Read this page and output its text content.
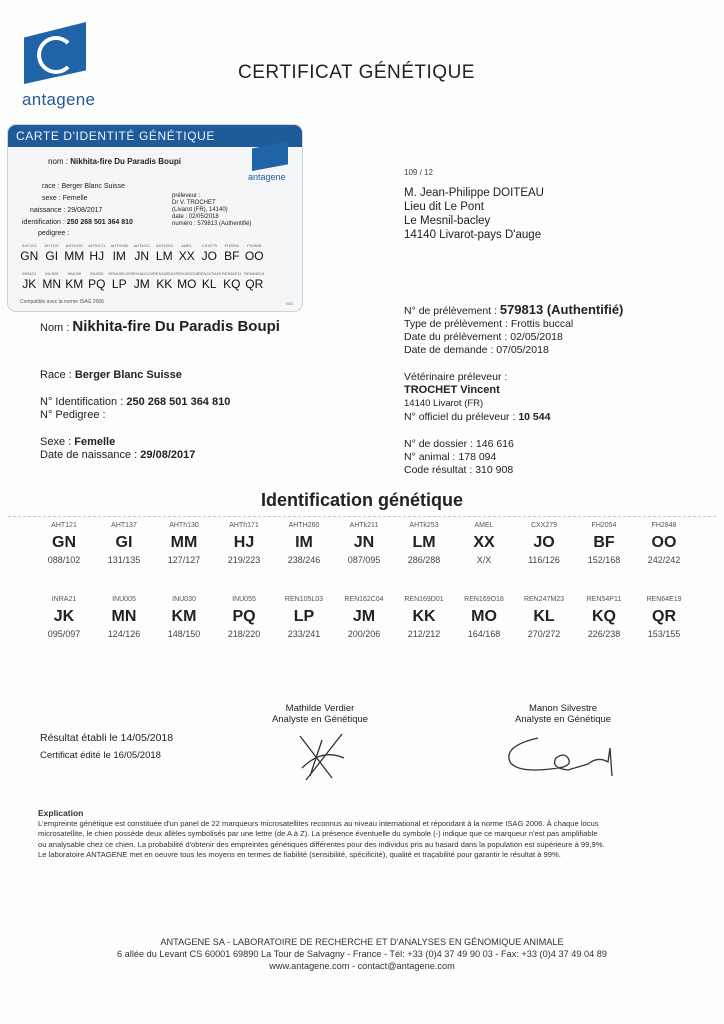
antagene
CERTIFICAT GÉNÉTIQUE
CARTE D'IDENTITÉ GÉNÉTIQUE
antagene
nom : Nikhita-fire Du Paradis Boupi
race : Berger Blanc Suisse
sexe : Femelle
naissance : 29/08/2017
identification : 250 268 501 364 810
pedigree :
préleveur :
Dr V. TROCHET
(Livarot (FR), 14140)
date : 02/05/2018
numéro : 579813 (Authentifié)
AHT121
GN
AHT137
GI
AHTh130
MM
AHTh171
HJ
AHTH260
IM
AHTk211
JN
AHTk253
LM
AMEL
XX
CXX279
JO
FH2054
BF
FH2848
OO
INRA21
JK
INU005
MN
INU030
KM
INU055
PQ
REN105L03
LP
REN162C04
JM
REN169D01
KK
REN169O18
MO
REN247M23
KL
REN54P11
KQ
REN64E19
QR
Compatible avec la norme ISAG 2006	ISG
109 / 12
M. Jean-Philippe DOITEAU
Lieu dit Le Pont
Le Mesnil-bacley
14140 Livarot-pays D'auge
Nom : Nikhita-fire Du Paradis Boupi
Race : Berger Blanc Suisse
N° Identification : 250 268 501 364 810
N° Pedigree :
Sexe : Femelle
Date de naissance : 29/08/2017
N° de prélèvement : 579813 (Authentifié)
Type de prélèvement : Frottis buccal
Date du prélèvement : 02/05/2018
Date de demande : 07/05/2018
Vétérinaire préleveur :
TROCHET Vincent
14140 Livarot (FR)
N° officiel du préleveur : 10 544
N° de dossier : 146 616
N° animal : 178 094
Code résultat : 310 908
Identification génétique
AHT121
GN
088/102
AHT137
GI
131/135
AHTh130
MM
127/127
AHTh171
HJ
219/223
AHTH260
IM
238/246
AHTk211
JN
087/095
AHTk253
LM
286/288
AMEL
XX
X/X
CXX279
JO
116/126
FH2054
BF
152/168
FH2848
OO
242/242
INRA21
JK
095/097
INU005
MN
124/126
INU030
KM
148/150
INU055
PQ
218/220
REN105L03
LP
233/241
REN162C04
JM
200/206
REN169D01
KK
212/212
REN169O18
MO
164/168
REN247M23
KL
270/272
REN54P11
KQ
226/238
REN64E19
QR
153/155
Mathilde Verdier
Analyste en Génétique
Manon Silvestre
Analyste en Génétique
Résultat établi le 14/05/2018
Certificat édité le 16/05/2018
Explication
L'empreinte génétique est constituée d'un panel de 22 marqueurs microsatellites reconnus au niveau international et répondant à la norme ISAG 2006. À chaque locus
microsatellite, le chien possède deux allèles symbolisés par une lettre (de A à Z). La présence éventuelle du symbole (-) indique que ce marqueur n'est pas amplifiable
ou analysable chez ce chien. La probabilité d'obtenir des empreintes génétiques différentes pour des individus pris au hasard dans la population est supérieure à 99,9%.
Le laboratoire ANTAGENE met en oeuvre tous les moyens en termes de fiabilité (sensibilité, spécificité), qualité et traçabilité pour garantir le résultat à 99%.
ANTAGENE SA - LABORATOIRE DE RECHERCHE ET D'ANALYSES EN GÉNOMIQUE ANIMALE
6 allée du Levant CS 60001 69890 La Tour de Salvagny - France - Tél: +33 (0)4 37 49 90 03 - Fax: +33 (0)4 37 49 04 89
www.antagene.com - contact@antagene.com
